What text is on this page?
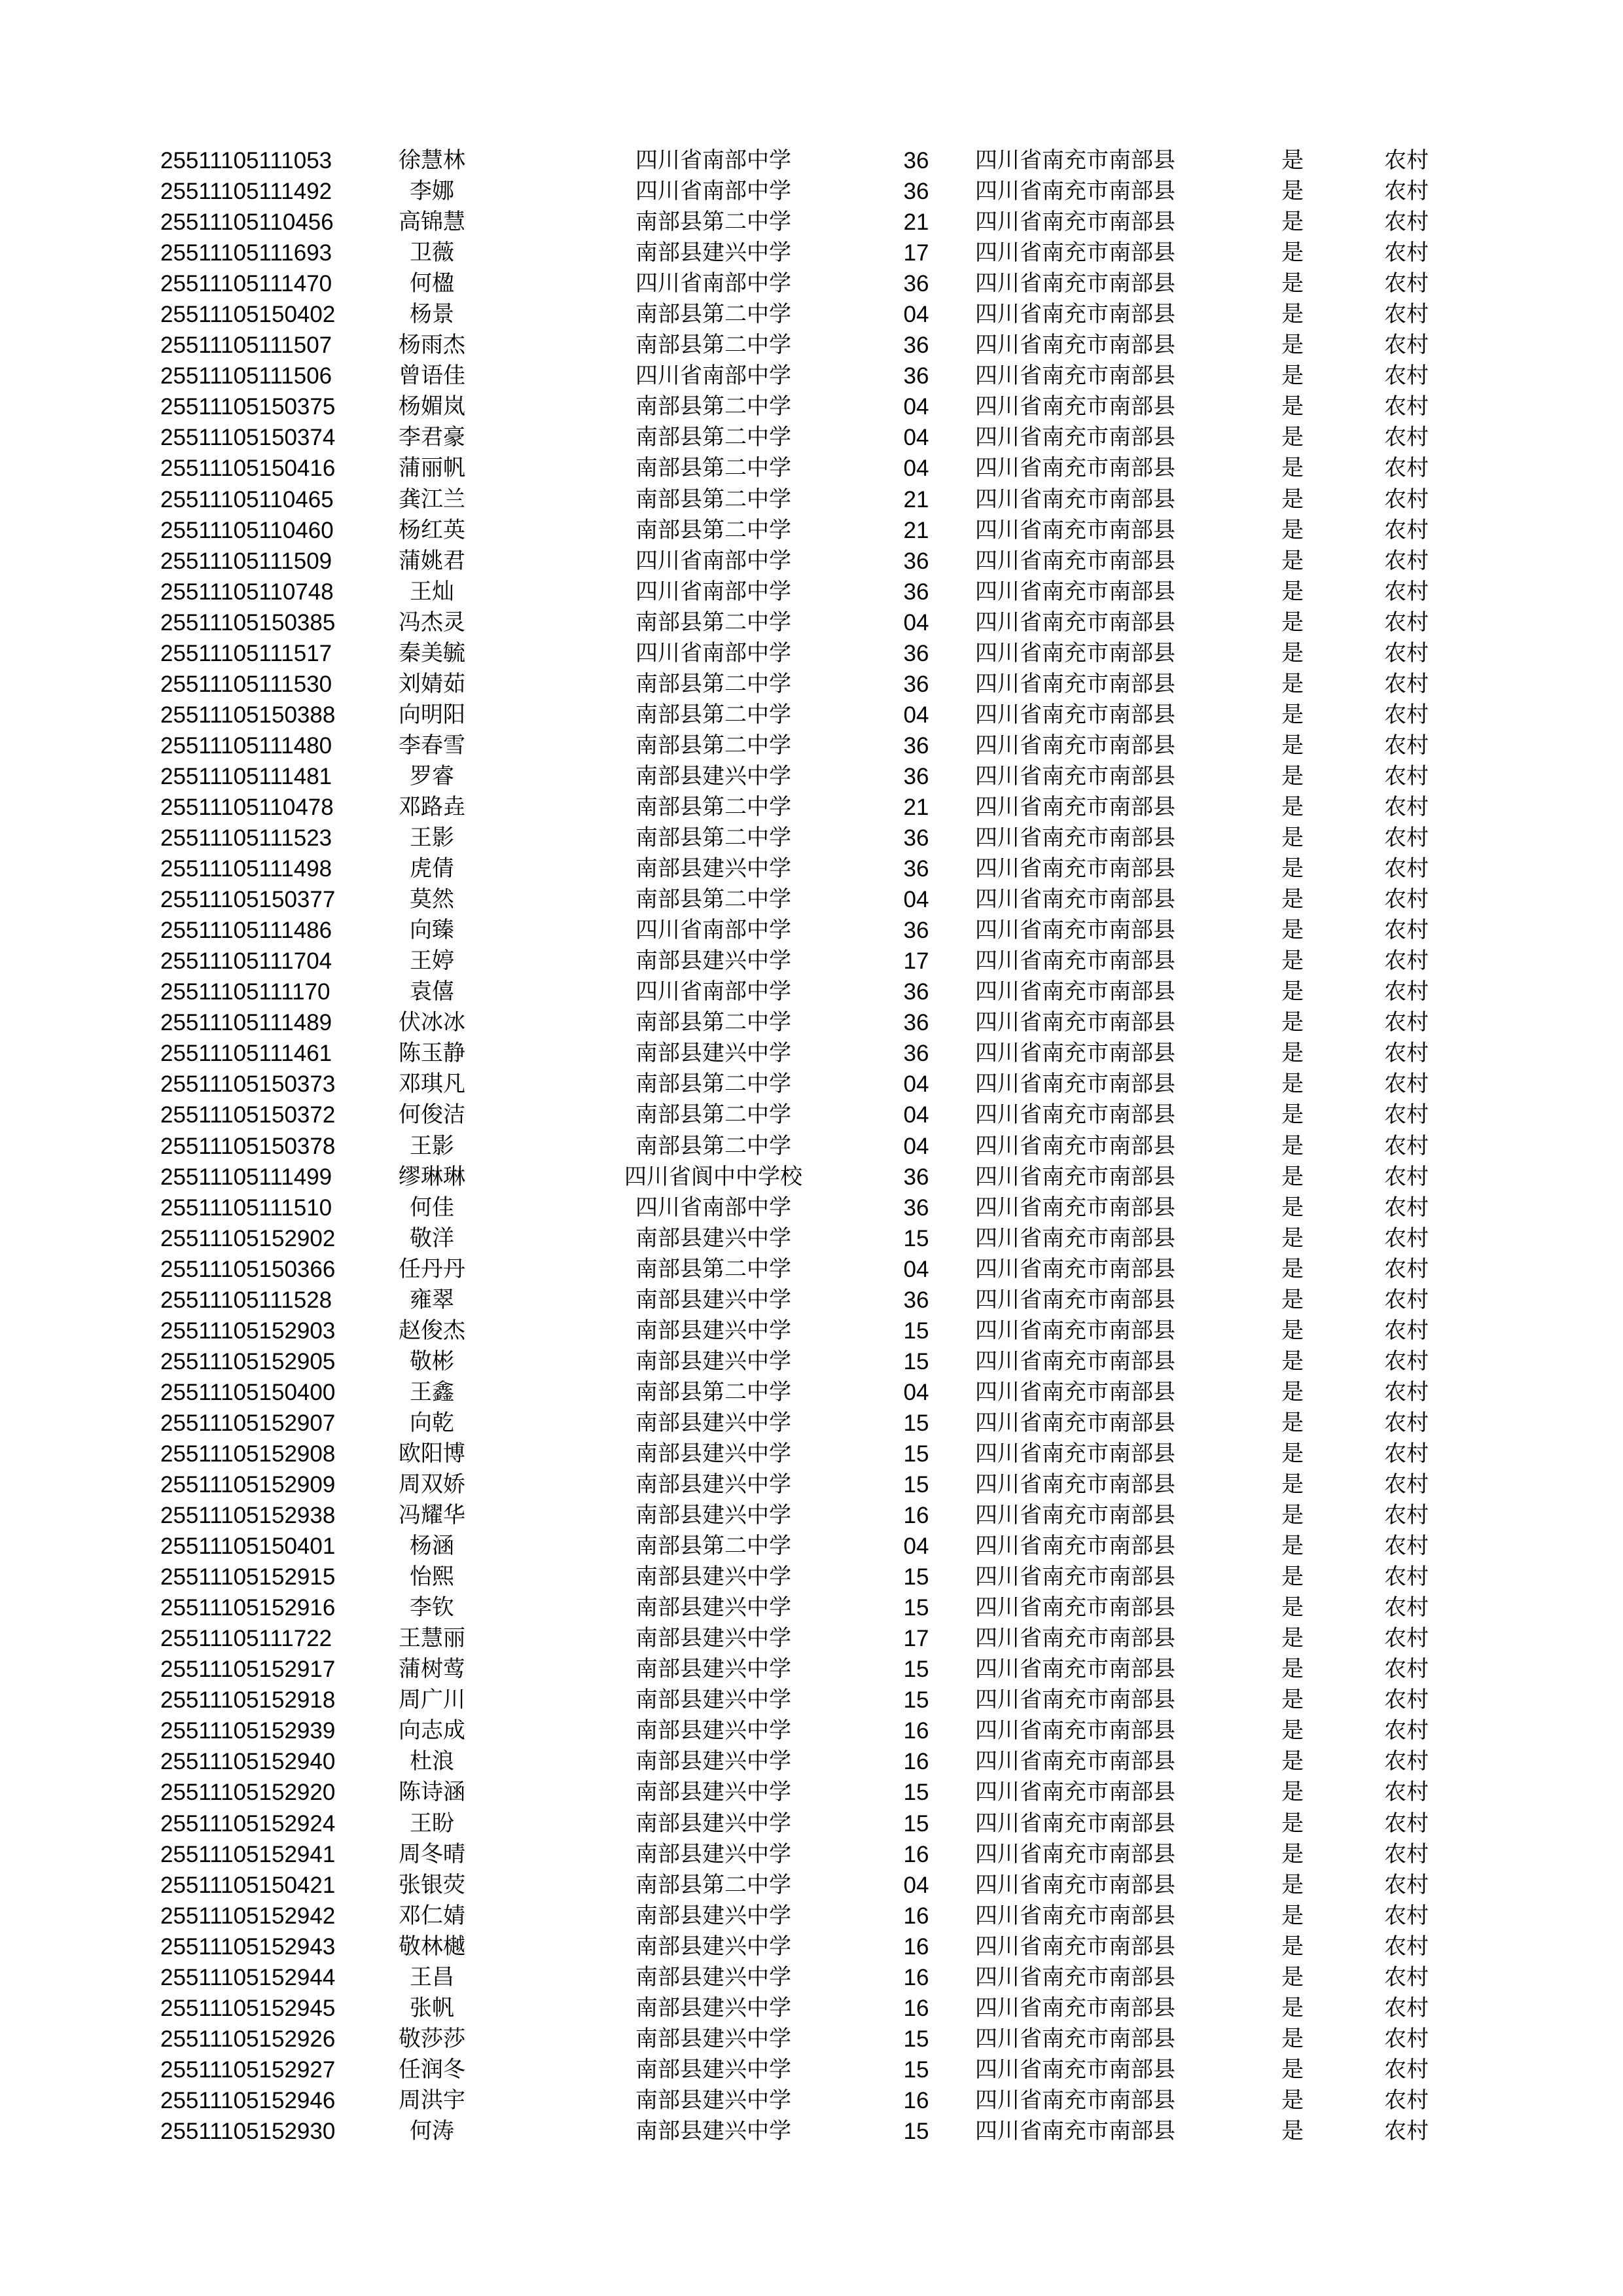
25511105111053	徐慧林	四川省南部中学	36	四川省南充市南部县	是	农村
25511105111492	李娜	四川省南部中学	36	四川省南充市南部县	是	农村
25511105110456	高锦慧	南部县第二中学	21	四川省南充市南部县	是	农村
25511105111693	卫薇	南部县建兴中学	17	四川省南充市南部县	是	农村
25511105111470	何楹	四川省南部中学	36	四川省南充市南部县	是	农村
25511105150402	杨景	南部县第二中学	04	四川省南充市南部县	是	农村
25511105111507	杨雨杰	南部县第二中学	36	四川省南充市南部县	是	农村
25511105111506	曾语佳	四川省南部中学	36	四川省南充市南部县	是	农村
25511105150375	杨媚岚	南部县第二中学	04	四川省南充市南部县	是	农村
25511105150374	李君豪	南部县第二中学	04	四川省南充市南部县	是	农村
25511105150416	蒲丽帆	南部县第二中学	04	四川省南充市南部县	是	农村
25511105110465	龚江兰	南部县第二中学	21	四川省南充市南部县	是	农村
25511105110460	杨红英	南部县第二中学	21	四川省南充市南部县	是	农村
25511105111509	蒲姚君	四川省南部中学	36	四川省南充市南部县	是	农村
25511105110748	王灿	四川省南部中学	36	四川省南充市南部县	是	农村
25511105150385	冯杰灵	南部县第二中学	04	四川省南充市南部县	是	农村
25511105111517	秦美毓	四川省南部中学	36	四川省南充市南部县	是	农村
25511105111530	刘婧茹	南部县第二中学	36	四川省南充市南部县	是	农村
25511105150388	向明阳	南部县第二中学	04	四川省南充市南部县	是	农村
25511105111480	李春雪	南部县第二中学	36	四川省南充市南部县	是	农村
25511105111481	罗睿	南部县建兴中学	36	四川省南充市南部县	是	农村
25511105110478	邓路垚	南部县第二中学	21	四川省南充市南部县	是	农村
25511105111523	王影	南部县第二中学	36	四川省南充市南部县	是	农村
25511105111498	虎倩	南部县建兴中学	36	四川省南充市南部县	是	农村
25511105150377	莫然	南部县第二中学	04	四川省南充市南部县	是	农村
25511105111486	向臻	四川省南部中学	36	四川省南充市南部县	是	农村
25511105111704	王婷	南部县建兴中学	17	四川省南充市南部县	是	农村
25511105111170	袁僖	四川省南部中学	36	四川省南充市南部县	是	农村
25511105111489	伏冰冰	南部县第二中学	36	四川省南充市南部县	是	农村
25511105111461	陈玉静	南部县建兴中学	36	四川省南充市南部县	是	农村
25511105150373	邓琪凡	南部县第二中学	04	四川省南充市南部县	是	农村
25511105150372	何俊洁	南部县第二中学	04	四川省南充市南部县	是	农村
25511105150378	王影	南部县第二中学	04	四川省南充市南部县	是	农村
25511105111499	缪琳琳	四川省阆中中学校	36	四川省南充市南部县	是	农村
25511105111510	何佳	四川省南部中学	36	四川省南充市南部县	是	农村
25511105152902	敬洋	南部县建兴中学	15	四川省南充市南部县	是	农村
25511105150366	任丹丹	南部县第二中学	04	四川省南充市南部县	是	农村
25511105111528	雍翠	南部县建兴中学	36	四川省南充市南部县	是	农村
25511105152903	赵俊杰	南部县建兴中学	15	四川省南充市南部县	是	农村
25511105152905	敬彬	南部县建兴中学	15	四川省南充市南部县	是	农村
25511105150400	王鑫	南部县第二中学	04	四川省南充市南部县	是	农村
25511105152907	向乾	南部县建兴中学	15	四川省南充市南部县	是	农村
25511105152908	欧阳博	南部县建兴中学	15	四川省南充市南部县	是	农村
25511105152909	周双娇	南部县建兴中学	15	四川省南充市南部县	是	农村
25511105152938	冯耀华	南部县建兴中学	16	四川省南充市南部县	是	农村
25511105150401	杨涵	南部县第二中学	04	四川省南充市南部县	是	农村
25511105152915	怡熙	南部县建兴中学	15	四川省南充市南部县	是	农村
25511105152916	李钦	南部县建兴中学	15	四川省南充市南部县	是	农村
25511105111722	王慧丽	南部县建兴中学	17	四川省南充市南部县	是	农村
25511105152917	蒲树莺	南部县建兴中学	15	四川省南充市南部县	是	农村
25511105152918	周广川	南部县建兴中学	15	四川省南充市南部县	是	农村
25511105152939	向志成	南部县建兴中学	16	四川省南充市南部县	是	农村
25511105152940	杜浪	南部县建兴中学	16	四川省南充市南部县	是	农村
25511105152920	陈诗涵	南部县建兴中学	15	四川省南充市南部县	是	农村
25511105152924	王盼	南部县建兴中学	15	四川省南充市南部县	是	农村
25511105152941	周冬晴	南部县建兴中学	16	四川省南充市南部县	是	农村
25511105150421	张银荧	南部县第二中学	04	四川省南充市南部县	是	农村
25511105152942	邓仁婧	南部县建兴中学	16	四川省南充市南部县	是	农村
25511105152943	敬林樾	南部县建兴中学	16	四川省南充市南部县	是	农村
25511105152944	王昌	南部县建兴中学	16	四川省南充市南部县	是	农村
25511105152945	张帆	南部县建兴中学	16	四川省南充市南部县	是	农村
25511105152926	敬莎莎	南部县建兴中学	15	四川省南充市南部县	是	农村
25511105152927	任润冬	南部县建兴中学	15	四川省南充市南部县	是	农村
25511105152946	周洪宇	南部县建兴中学	16	四川省南充市南部县	是	农村
25511105152930	何涛	南部县建兴中学	15	四川省南充市南部县	是	农村
